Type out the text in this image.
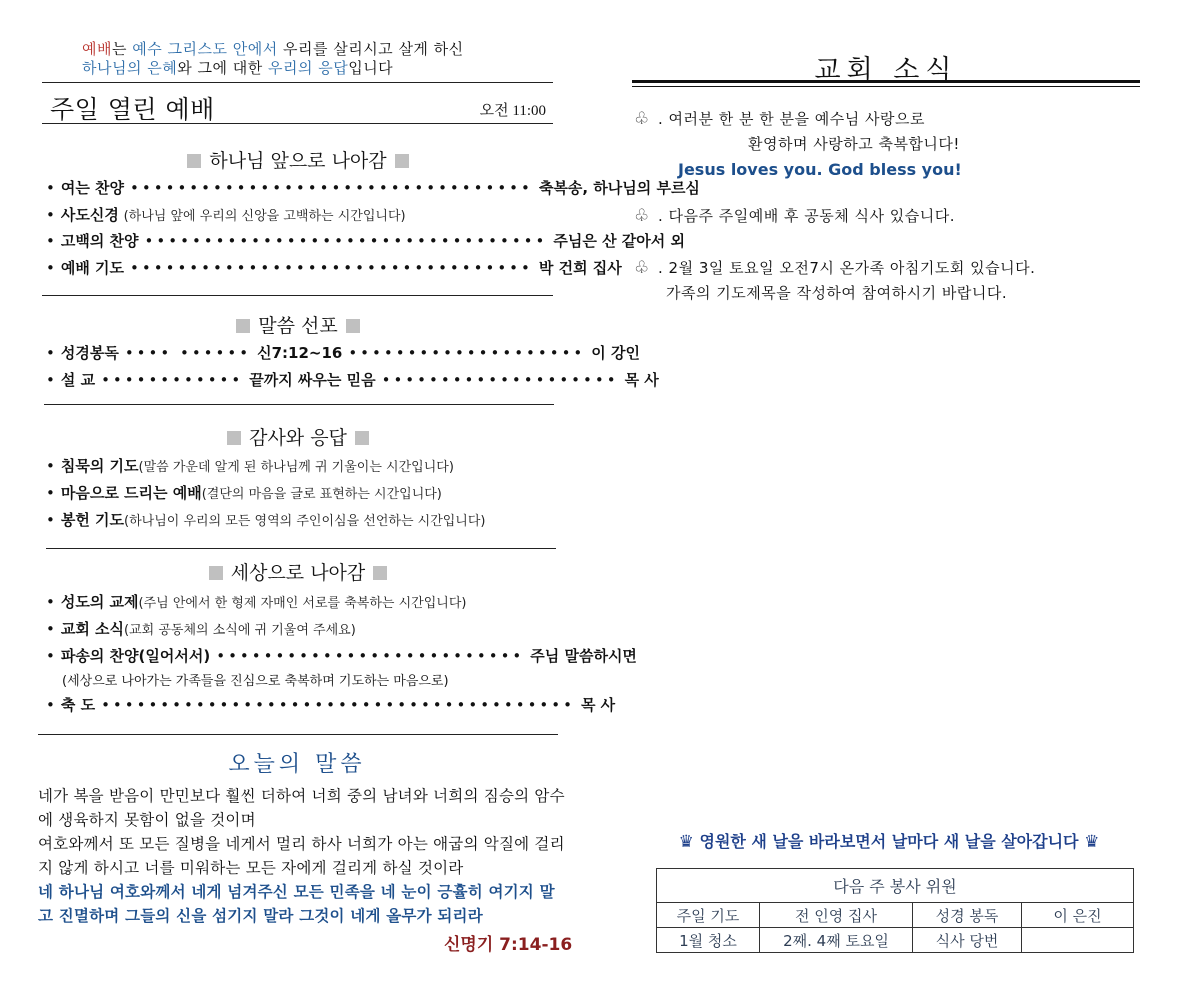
예배는 예수 그리스도 안에서 우리를 살리시고 살게 하신
하나님의 은혜와 그에 대한 우리의 응답입니다
주일 열린 예배	오전 11:00
하나님 앞으로 나아감
• 여는 찬양 •••••••••••••••••••••••••••••••••• 축복송, 하나님의 부르심
• 사도신경
(하나님 앞에 우리의 신앙을 고백하는 시간입니다)
• 고백의 찬양 •••••••••••••••••••••••••••••••••• 주님은 산 같아서 외
• 예배 기도 •••••••••••••••••••••••••••••••••• 박 건희 집사
말씀 선포
• 성경봉독 •••• •••••• 신7:12~16 •••••••••••••••••••• 이 강인
• 설 교 •••••••••••• 끝까지 싸우는 믿음 •••••••••••••••••••• 목 사
감사와 응답
• 침묵의 기도 (말씀 가운데 알게 된 하나님께 귀 기울이는 시간입니다)
• 마음으로 드리는 예배 (결단의 마음을 글로 표현하는 시간입니다)
• 봉헌 기도 (하나님이 우리의 모든 영역의 주인이심을 선언하는 시간입니다)
세상으로 나아감
• 성도의 교제 (주님 안에서 한 형제 자매인 서로를 축복하는 시간입니다)
• 교회 소식 (교회 공동체의 소식에 귀 기울여 주세요)
• 파송의 찬양(일어서서) •••••••••••••••••••••••••• 주님 말씀하시면
(세상으로 나아가는 가족들을 진심으로 축복하며 기도하는 마음으로)
• 축 도 •••••••••••••••••••••••••••••••••••••••• 목 사
오늘의 말씀
네가 복을 받음이 만민보다 훨씬 더하여 너희 중의 남녀와 너희의 짐승의 암수에 생육하지 못함이 없을 것이며
여호와께서 또 모든 질병을 네게서 멀리 하사 너희가 아는 애굽의 악질에 걸리지 않게 하시고 너를 미워하는 모든 자에게 걸리게 하실 것이라
네 하나님 여호와께서 네게 넘겨주신 모든 민족을 네 눈이 긍휼히 여기지 말고 진멸하며 그들의 신을 섬기지 말라 그것이 네게 올무가 되리라
신명기 7:14-16
교회 소식
♧ . 여러분 한 분 한 분을 예수님 사랑으로
환영하며 사랑하고 축복합니다!
Jesus loves you. God bless you!
♧ . 다음주 주일예배 후 공동체 식사 있습니다.
♧ . 2월 3일 토요일 오전7시 온가족 아침기도회 있습니다.
가족의 기도제목을 작성하여 참여하시기 바랍니다.
♛ 영원한 새 날을 바라보면서 날마다 새 날을 살아갑니다 ♛
다음 주 봉사 위원			
주일 기도	전 인영 집사	성경 봉독	이 은진
1월 청소	2째. 4째 토요일	식사 당번	
